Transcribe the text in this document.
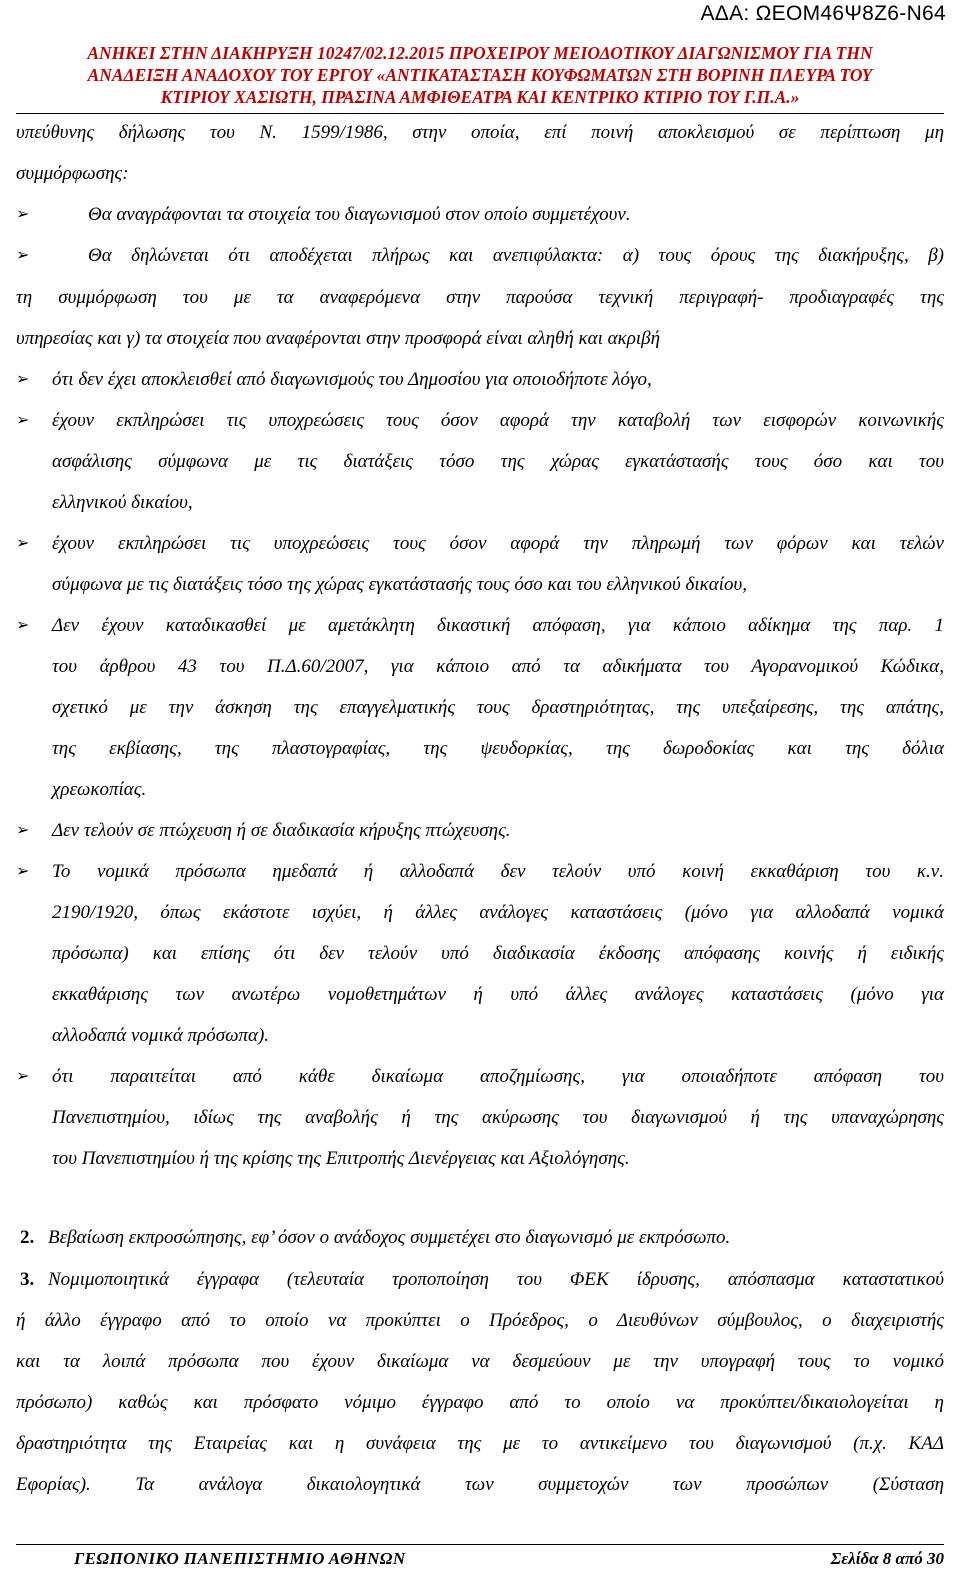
ΑΔΑ: ΩΕΟΜ46Ψ8Ζ6-Ν64
ΑΝΗΚΕΙ ΣΤΗΝ ΔΙΑΚΗΡΥΞΗ 10247/02.12.2015 ΠΡΟΧΕΙΡΟΥ ΜΕΙΟΔΟΤΙΚΟΥ ΔΙΑΓΩΝΙΣΜΟΥ ΓΙΑ ΤΗΝ
ΑΝΑΔΕΙΞΗ ΑΝΑΔΟΧΟΥ ΤΟΥ ΕΡΓΟΥ «ΑΝΤΙΚΑΤΑΣΤΑΣΗ ΚΟΥΦΩΜΑΤΩΝ ΣΤΗ ΒΟΡΙΝΗ ΠΛΕΥΡΑ ΤΟΥ
ΚΤΙΡΙΟΥ ΧΑΣΙΩΤΗ, ΠΡΑΣΙΝΑ ΑΜΦΙΘΕΑΤΡΑ ΚΑΙ ΚΕΝΤΡΙΚΟ ΚΤΙΡΙΟ ΤΟΥ Γ.Π.Α.»
υπεύθυνης δήλωσης του Ν. 1599/1986, στην οποία, επί ποινή αποκλεισμού σε περίπτωση μη
συμμόρφωσης:
➢	Θα αναγράφονται τα στοιχεία του διαγωνισμού στον οποίο συμμετέχουν.
➢	Θα δηλώνεται ότι αποδέχεται πλήρως και ανεπιφύλακτα: α) τους όρους της διακήρυξης, β)
τη συμμόρφωση του με τα αναφερόμενα στην παρούσα τεχνική περιγραφή- προδιαγραφές της
υπηρεσίας και γ) τα στοιχεία που αναφέρονται στην προσφορά είναι αληθή και ακριβή
➢ ότι δεν έχει αποκλεισθεί από διαγωνισμούς του Δημοσίου για οποιοδήποτε λόγο,
➢ έχουν εκπληρώσει τις υποχρεώσεις τους όσον αφορά την καταβολή των εισφορών κοινωνικής
ασφάλισης σύμφωνα με τις διατάξεις τόσο της χώρας εγκατάστασής τους όσο και του
ελληνικού δικαίου,
➢ έχουν εκπληρώσει τις υποχρεώσεις τους όσον αφορά την πληρωμή των φόρων και τελών
σύμφωνα με τις διατάξεις τόσο της χώρας εγκατάστασής τους όσο και του ελληνικού δικαίου,
➢ Δεν έχουν καταδικασθεί με αμετάκλητη δικαστική απόφαση, για κάποιο αδίκημα της παρ. 1
του άρθρου 43 του Π.Δ.60/2007, για κάποιο από τα αδικήματα του Αγορανομικού Κώδικα,
σχετικό με την άσκηση της επαγγελματικής τους δραστηριότητας, της υπεξαίρεσης, της απάτης,
της εκβίασης, της πλαστογραφίας, της ψευδορκίας, της δωροδοκίας και της δόλια
χρεωκοπίας.
➢ Δεν τελούν σε πτώχευση ή σε διαδικασία κήρυξης πτώχευσης.
➢ Το νομικά πρόσωπα ημεδαπά ή αλλοδαπά δεν τελούν υπό κοινή εκκαθάριση του κ.ν.
2190/1920, όπως εκάστοτε ισχύει, ή άλλες ανάλογες καταστάσεις (μόνο για αλλοδαπά νομικά
πρόσωπα) και επίσης ότι δεν τελούν υπό διαδικασία έκδοσης απόφασης κοινής ή ειδικής
εκκαθάρισης των ανωτέρω νομοθετημάτων ή υπό άλλες ανάλογες καταστάσεις (μόνο για
αλλοδαπά νομικά πρόσωπα).
➢ ότι παραιτείται από κάθε δικαίωμα αποζημίωσης, για οποιαδήποτε απόφαση του
Πανεπιστημίου, ιδίως της αναβολής ή της ακύρωσης του διαγωνισμού ή της υπαναχώρησης
του Πανεπιστημίου ή της κρίσης της Επιτροπής Διενέργειας και Αξιολόγησης.
2. Βεβαίωση εκπροσώπησης, εφ’ όσον ο ανάδοχος συμμετέχει στο διαγωνισμό με εκπρόσωπο.
3. Νομιμοποιητικά έγγραφα (τελευταία τροποποίηση του ΦΕΚ ίδρυσης, απόσπασμα καταστατικού
ή άλλο έγγραφο από το οποίο να προκύπτει ο Πρόεδρος, ο Διευθύνων σύμβουλος, ο διαχειριστής
και τα λοιπά πρόσωπα που έχουν δικαίωμα να δεσμεύουν με την υπογραφή τους το νομικό
πρόσωπο) καθώς και πρόσφατο νόμιμο έγγραφο από το οποίο να προκύπτει/δικαιολογείται η
δραστηριότητα της Εταιρείας και η συνάφεια της με το αντικείμενο του διαγωνισμού (π.χ. ΚΑΔ
Εφορίας). Τα ανάλογα δικαιολογητικά των συμμετοχών των προσώπων (Σύσταση
ΓΕΩΠΟΝΙΚΟ ΠΑΝΕΠΙΣΤΗΜΙΟ ΑΘΗΝΩΝ	Σελίδα 8 από 30
